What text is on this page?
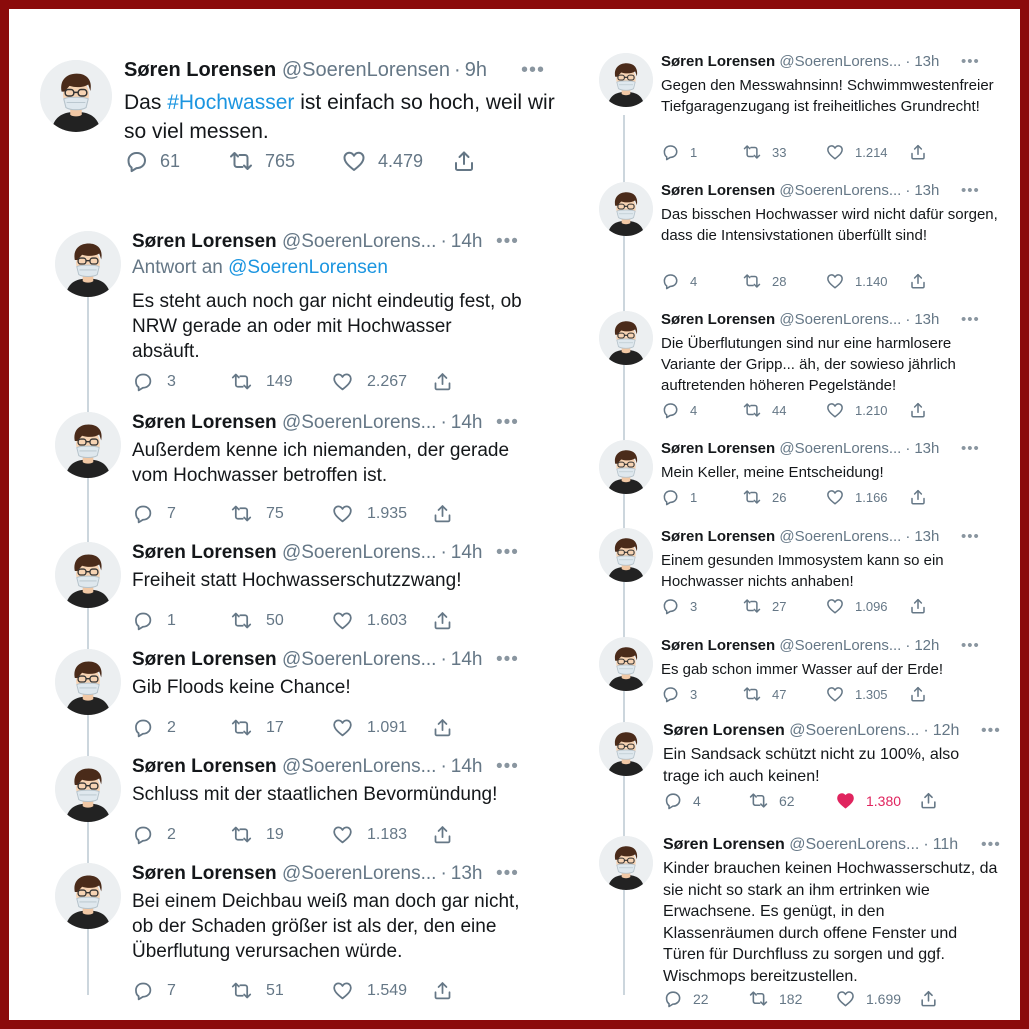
Søren Lorensen @SoerenLorensen · 9h •••
Das #Hochwasser ist einfach so hoch, weil wir so viel messen.
61	765	4.479
Søren Lorensen @SoerenLorens... · 14h •••
Antwort an @SoerenLorensen
Es steht auch noch gar nicht eindeutig fest, ob NRW gerade an oder mit Hochwasser absäuft.
3	149	2.267
Søren Lorensen @SoerenLorens... · 14h •••
Außerdem kenne ich niemanden, der gerade vom Hochwasser betroffen ist.
7	75	1.935
Søren Lorensen @SoerenLorens... · 14h •••
Freiheit statt Hochwasserschutzzwang!
1	50	1.603
Søren Lorensen @SoerenLorens... · 14h •••
Gib Floods keine Chance!
2	17	1.091
Søren Lorensen @SoerenLorens... · 14h •••
Schluss mit der staatlichen Bevormündung!
2	19	1.183
Søren Lorensen @SoerenLorens... · 13h •••
Bei einem Deichbau weiß man doch gar nicht, ob der Schaden größer ist als der, den eine Überflutung verursachen würde.
7	51	1.549
Søren Lorensen @SoerenLorens... · 13h	•••
Gegen den Messwahnsinn! Schwimmwestenfreier Tiefgaragenzugang ist freiheitliches Grundrecht!
1	33	1.214
Søren Lorensen @SoerenLorens... · 13h	•••
Das bisschen Hochwasser wird nicht dafür sorgen, dass die Intensivstationen überfüllt sind!
4	28	1.140
Søren Lorensen @SoerenLorens... · 13h	•••
Die Überflutungen sind nur eine harmlosere Variante der Gripp... äh, der sowieso jährlich auftretenden höheren Pegelstände!
4	44	1.210
Søren Lorensen @SoerenLorens... · 13h	•••
Mein Keller, meine Entscheidung!
1	26	1.166
Søren Lorensen @SoerenLorens... · 13h	•••
Einem gesunden Immosystem kann so ein Hochwasser nichts anhaben!
3	27	1.096
Søren Lorensen @SoerenLorens... · 12h	•••
Es gab schon immer Wasser auf der Erde!
3	47	1.305
Søren Lorensen @SoerenLorens... · 12h	•••
Ein Sandsack schützt nicht zu 100%, also trage ich auch keinen!
4	62	1.380
Søren Lorensen @SoerenLorens... · 11h	•••
Kinder brauchen keinen Hochwasserschutz, da sie nicht so stark an ihm ertrinken wie Erwachsene. Es genügt, in den Klassenräumen durch offene Fenster und Türen für Durchfluss zu sorgen und ggf. Wischmops bereitzustellen.
22	182	1.699
